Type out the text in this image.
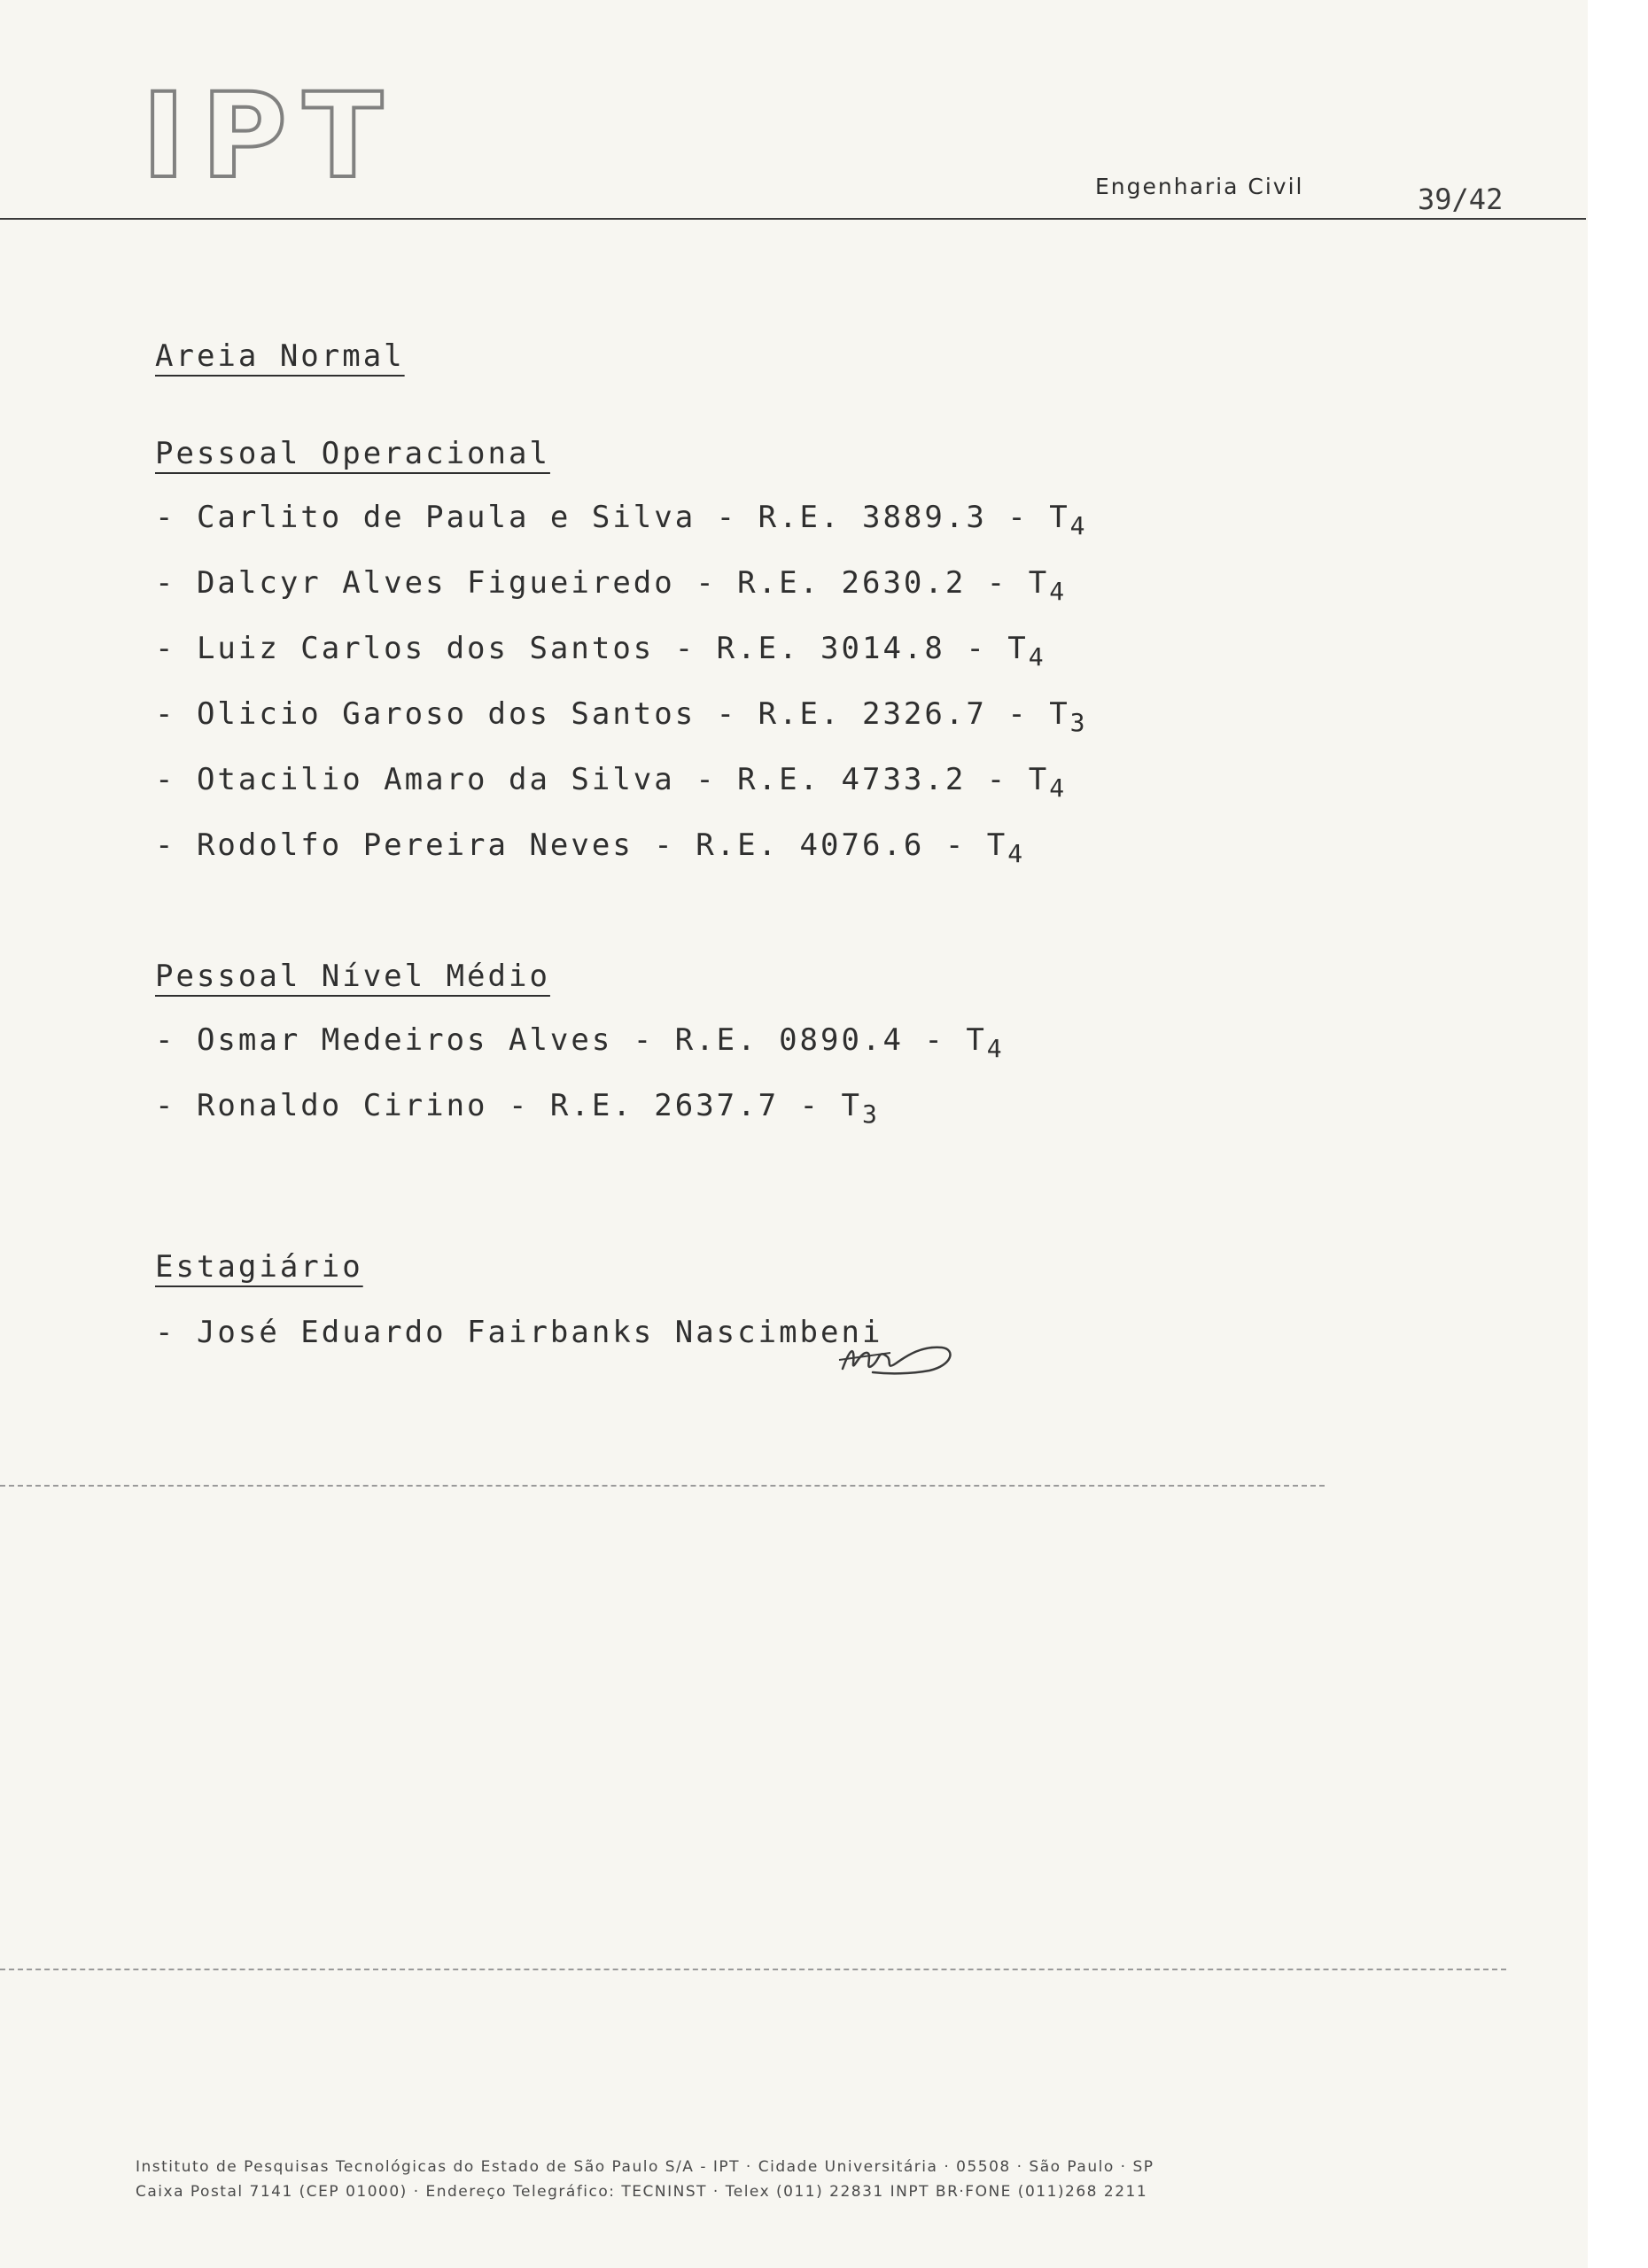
IPT	Engenharia Civil	39/42
Areia Normal
Pessoal Operacional
- Carlito de Paula e Silva - R.E. $3889.3 - T_4$
- Dalcyr Alves Figueiredo - R.E. $2630.2 - T_4$
- Luiz Carlos dos Santos - R.E. $3014.8 - T_4$
- Olicio Garoso dos Santos - R.E. $2326.7 - T_3$
- Otacilio Amaro da Silva - R.E. $4733.2 - T_4$
- Rodolfo Pereira Neves - R.E. $4076.6 - T_4$
Pessoal Nível Médio
- Osmar Medeiros Alves - R.E. $0890.4 - T_4$
- Ronaldo Cirino - R.E. $2637.7 - T_3$
Estagiário
- José Eduardo Fairbanks Nascimbeni
Instituto de Pesquisas Tecnológicas do Estado de São Paulo S/A - IPT · Cidade Universitária · 05508 · São Paulo · SP
Caixa Postal 7141 (CEP 01000) · Endereço Telegráfico: TECNINST · Telex (011) 22831 INPT BR·FONE (011)268 2211
